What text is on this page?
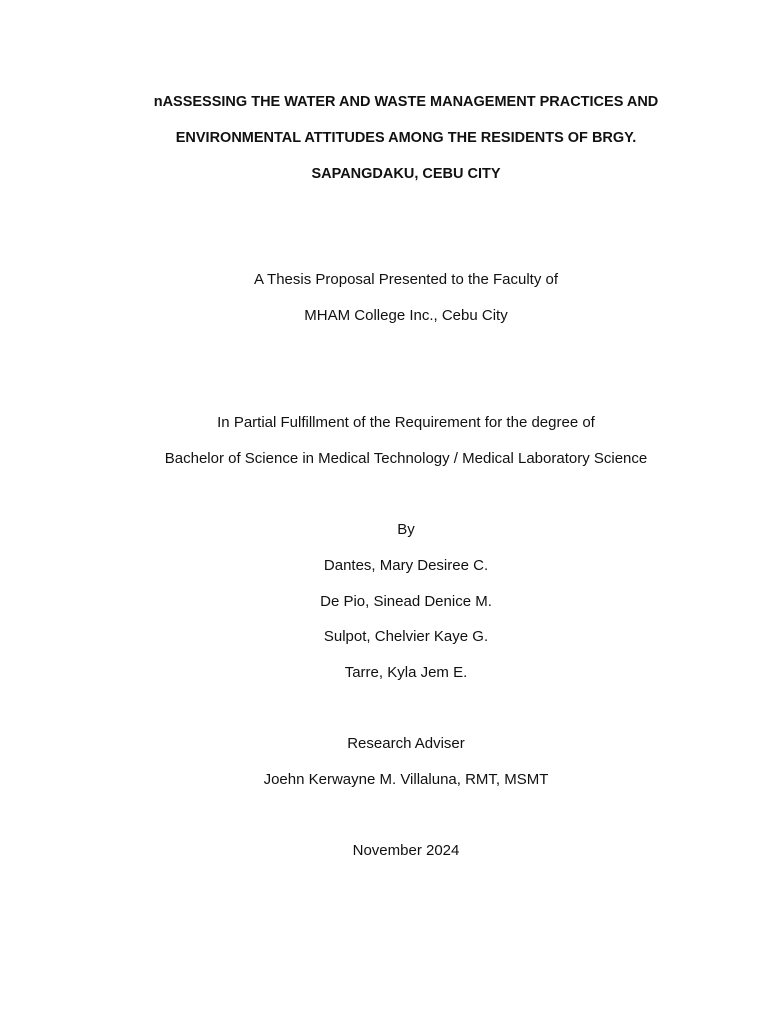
nASSESSING THE WATER AND WASTE MANAGEMENT PRACTICES AND
ENVIRONMENTAL ATTITUDES AMONG THE RESIDENTS OF BRGY.
SAPANGDAKU, CEBU CITY
A Thesis Proposal Presented to the Faculty of
MHAM College Inc., Cebu City
In Partial Fulfillment of the Requirement for the degree of
Bachelor of Science in Medical Technology / Medical Laboratory Science
By
Dantes, Mary Desiree C.
De Pio, Sinead Denice M.
Sulpot, Chelvier Kaye G.
Tarre, Kyla Jem E.
Research Adviser
Joehn Kerwayne M. Villaluna, RMT, MSMT
November 2024
